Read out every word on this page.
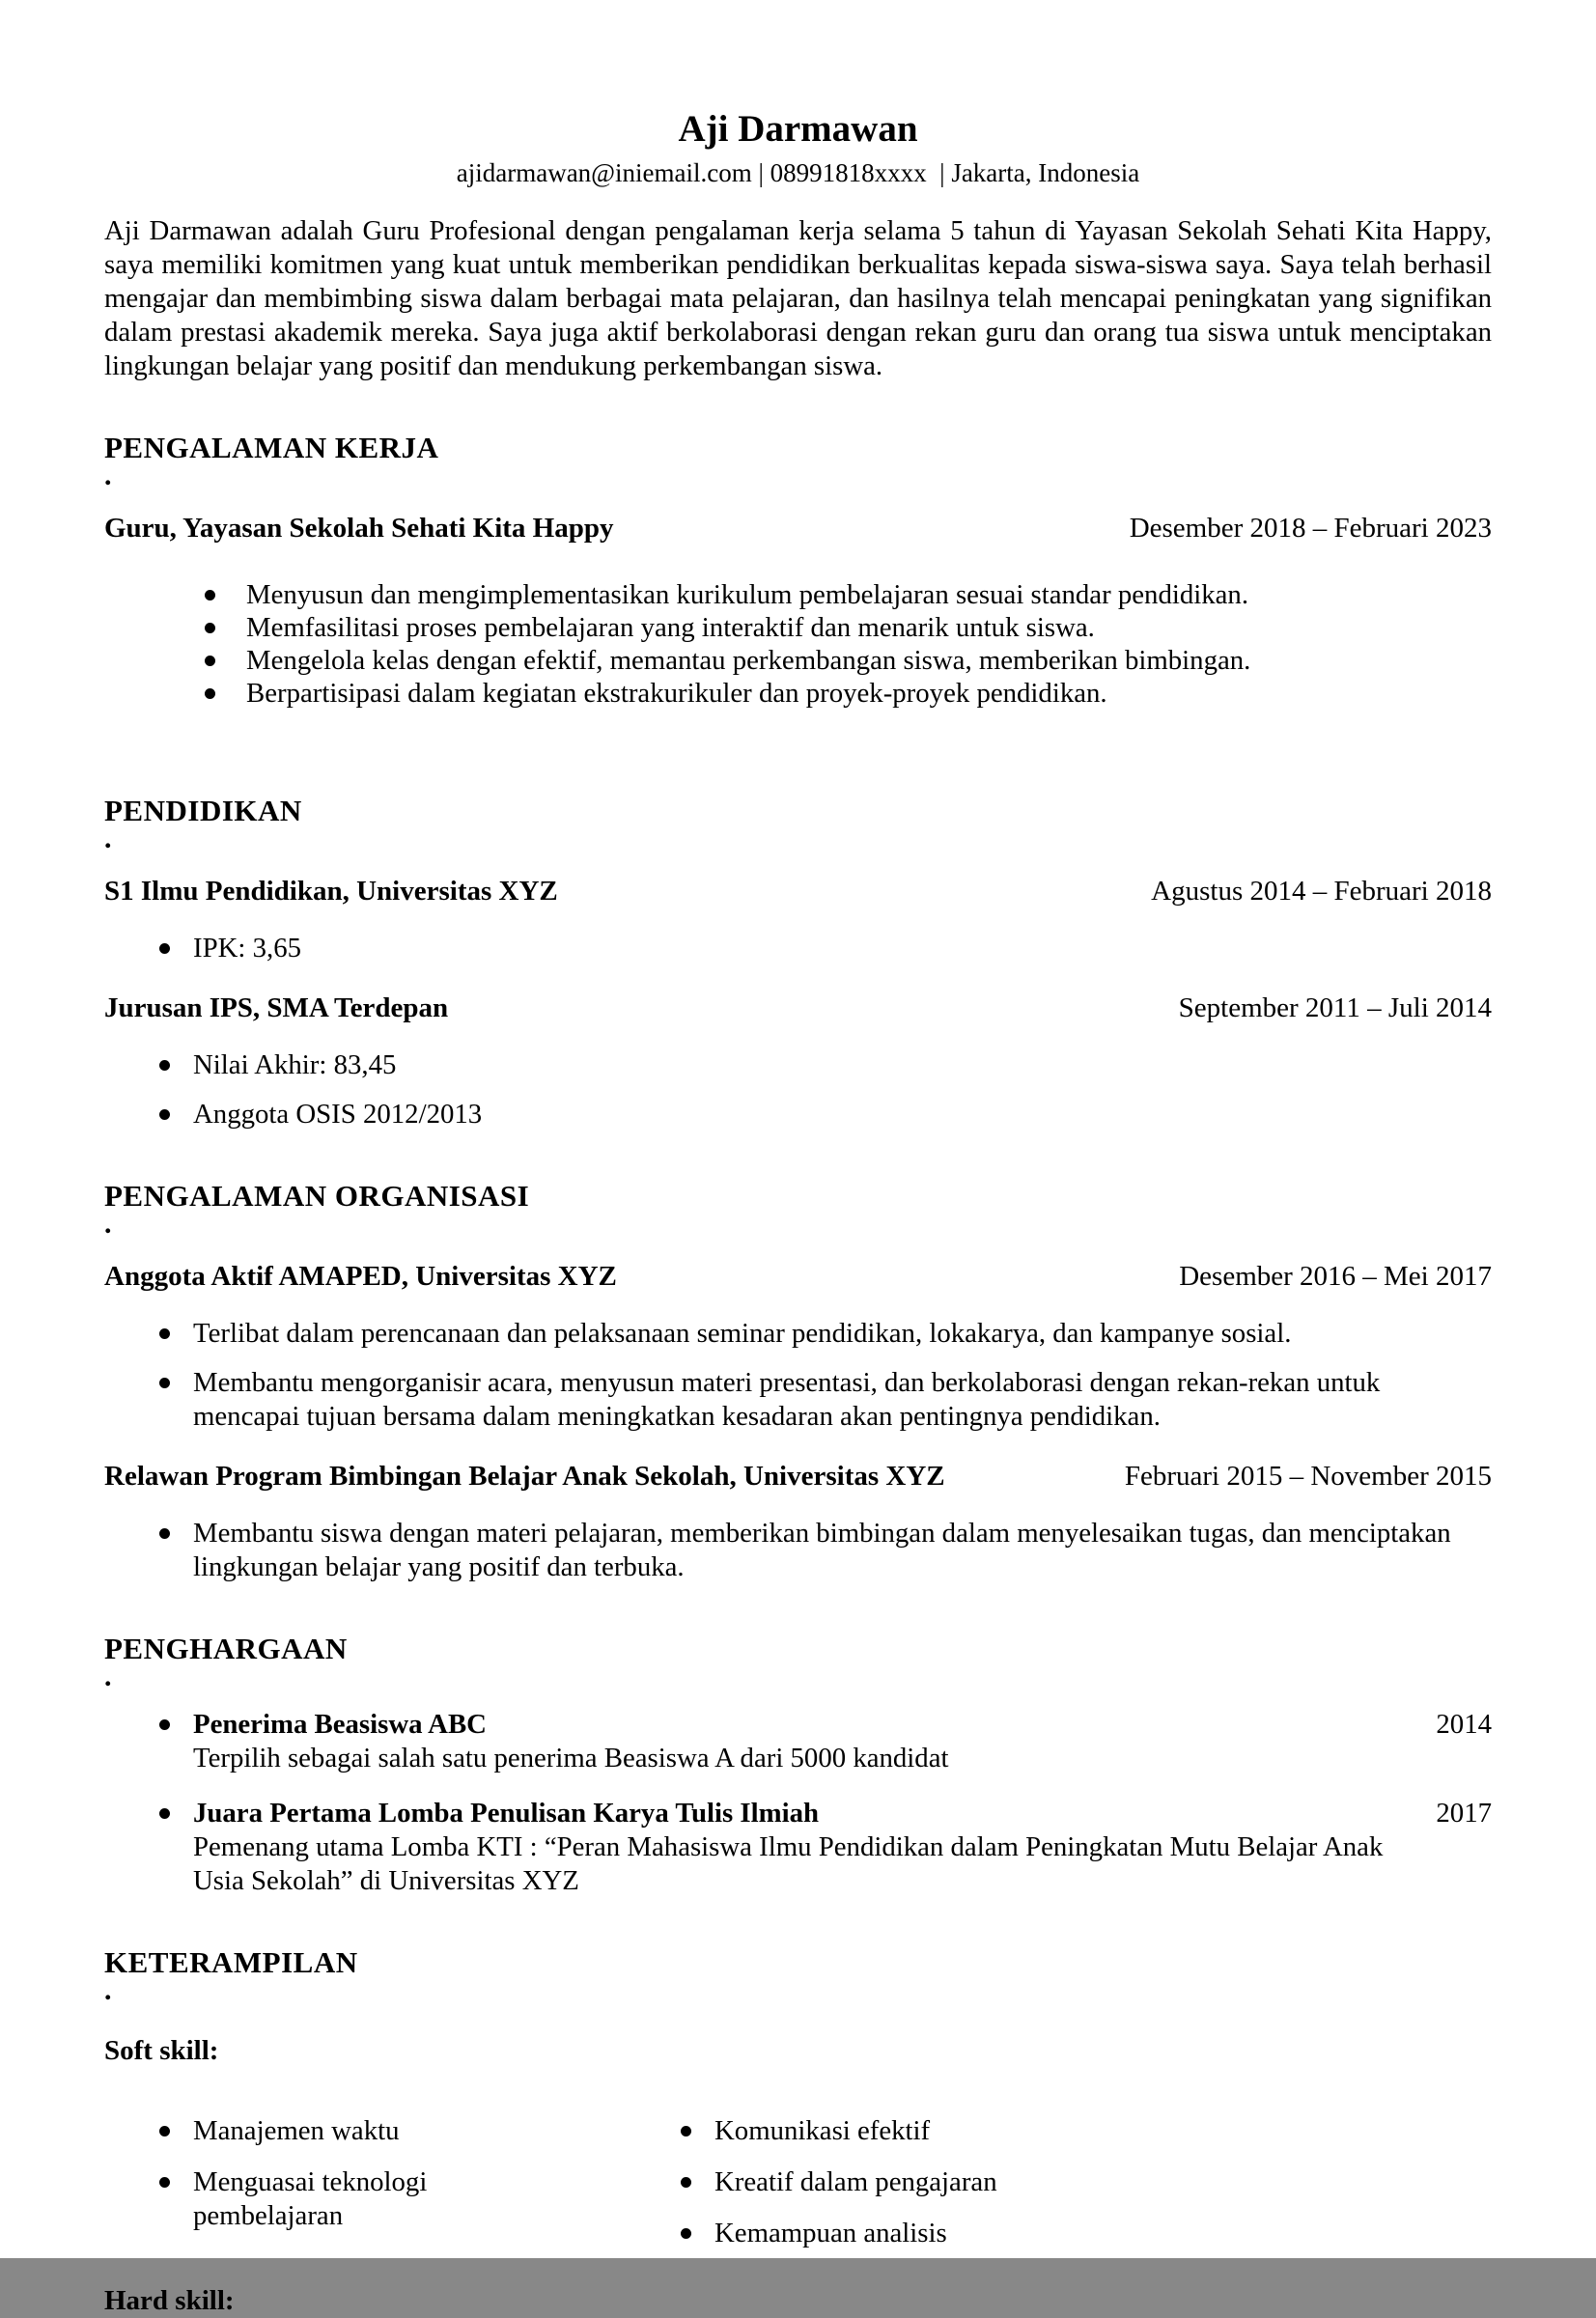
Aji Darmawan
ajidarmawan@iniemail.com | 08991818xxxx  | Jakarta, Indonesia
Aji Darmawan adalah Guru Profesional dengan pengalaman kerja selama 5 tahun di Yayasan Sekolah Sehati Kita Happy, saya memiliki komitmen yang kuat untuk memberikan pendidikan berkualitas kepada siswa-siswa saya. Saya telah berhasil mengajar dan membimbing siswa dalam berbagai mata pelajaran, dan hasilnya telah mencapai peningkatan yang signifikan dalam prestasi akademik mereka. Saya juga aktif berkolaborasi dengan rekan guru dan orang tua siswa untuk menciptakan lingkungan belajar yang positif dan mendukung perkembangan siswa.
PENGALAMAN KERJA
.
Guru, Yayasan Sekolah Sehati Kita Happy	Desember 2018 – Februari 2023
Menyusun dan mengimplementasikan kurikulum pembelajaran sesuai standar pendidikan.
Memfasilitasi proses pembelajaran yang interaktif dan menarik untuk siswa.
Mengelola kelas dengan efektif, memantau perkembangan siswa, memberikan bimbingan.
Berpartisipasi dalam kegiatan ekstrakurikuler dan proyek-proyek pendidikan.
PENDIDIKAN
.
S1 Ilmu Pendidikan, Universitas XYZ	Agustus 2014 – Februari 2018
IPK: 3,65
Jurusan IPS, SMA Terdepan	September 2011 – Juli 2014
Nilai Akhir: 83,45
Anggota OSIS 2012/2013
PENGALAMAN ORGANISASI
.
Anggota Aktif AMAPED, Universitas XYZ	Desember 2016 – Mei 2017
Terlibat dalam perencanaan dan pelaksanaan seminar pendidikan, lokakarya, dan kampanye sosial.
Membantu mengorganisir acara, menyusun materi presentasi, dan berkolaborasi dengan rekan-rekan untuk mencapai tujuan bersama dalam meningkatkan kesadaran akan pentingnya pendidikan.
Relawan Program Bimbingan Belajar Anak Sekolah, Universitas XYZ	Februari 2015 – November 2015
Membantu siswa dengan materi pelajaran, memberikan bimbingan dalam menyelesaikan tugas, dan menciptakan lingkungan belajar yang positif dan terbuka.
PENGHARGAAN
.
Penerima Beasiswa ABC	2014
Terpilih sebagai salah satu penerima Beasiswa A dari 5000 kandidat
Juara Pertama Lomba Penulisan Karya Tulis Ilmiah	2017
Pemenang utama Lomba KTI : “Peran Mahasiswa Ilmu Pendidikan dalam Peningkatan Mutu Belajar Anak Usia Sekolah” di Universitas XYZ
KETERAMPILAN
.
Soft skill:
Manajemen waktu
Menguasai teknologi pembelajaran
Komunikasi efektif
Kreatif dalam pengajaran
Kemampuan analisis
Hard skill:
